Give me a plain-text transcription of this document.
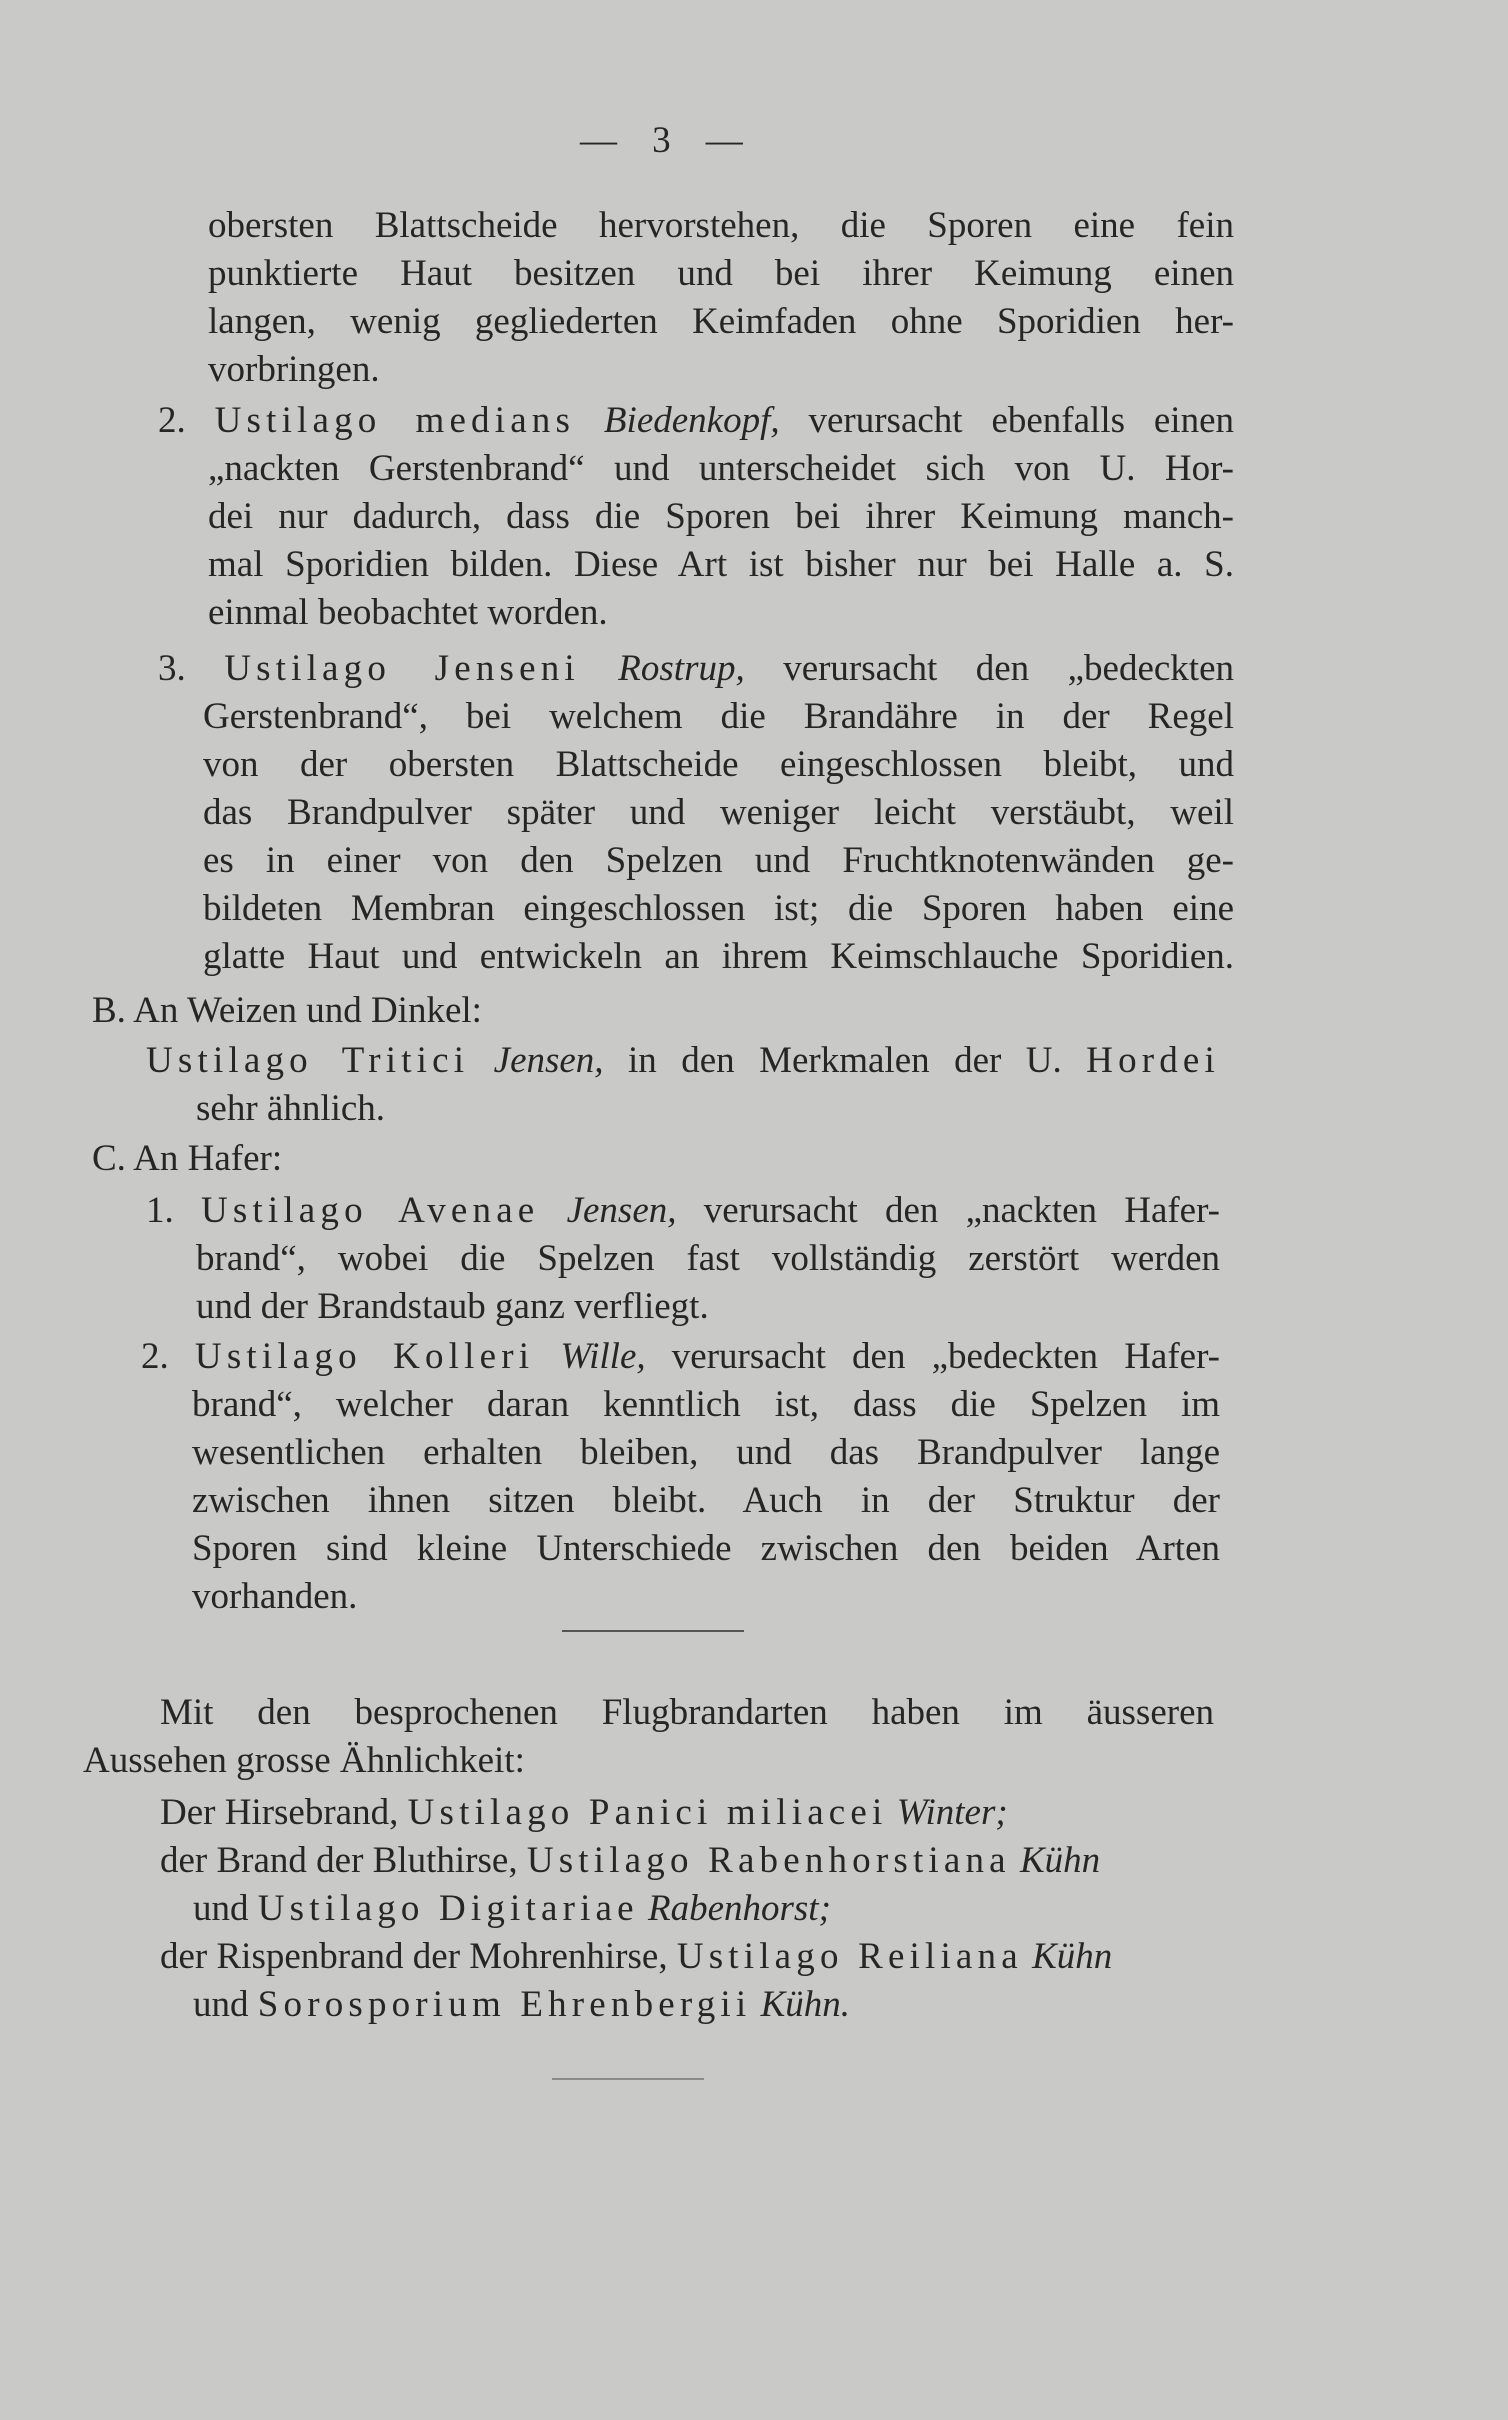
— 3 —
obersten Blattscheide hervorstehen, die Sporen eine fein
punktierte Haut besitzen und bei ihrer Keimung einen
langen, wenig gegliederten Keimfaden ohne Sporidien her-
vorbringen.
2. Ustilago medians Biedenkopf, verursacht ebenfalls einen
„nackten Gerstenbrand“ und unterscheidet sich von U. Hor-
dei nur dadurch, dass die Sporen bei ihrer Keimung manch-
mal Sporidien bilden. Diese Art ist bisher nur bei Halle a. S.
einmal beobachtet worden.
3. Ustilago Jenseni Rostrup, verursacht den „bedeckten
Gerstenbrand“, bei welchem die Brandähre in der Regel
von der obersten Blattscheide eingeschlossen bleibt, und
das Brandpulver später und weniger leicht verstäubt, weil
es in einer von den Spelzen und Fruchtknotenwänden ge-
bildeten Membran eingeschlossen ist; die Sporen haben eine
glatte Haut und entwickeln an ihrem Keimschlauche Sporidien.
B. An Weizen und Dinkel:
Ustilago Tritici Jensen, in den Merkmalen der U. Hordei
sehr ähnlich.
C. An Hafer:
1. Ustilago Avenae Jensen, verursacht den „nackten Hafer-
brand“, wobei die Spelzen fast vollständig zerstört werden
und der Brandstaub ganz verfliegt.
2. Ustilago Kolleri Wille, verursacht den „bedeckten Hafer-
brand“, welcher daran kenntlich ist, dass die Spelzen im
wesentlichen erhalten bleiben, und das Brandpulver lange
zwischen ihnen sitzen bleibt. Auch in der Struktur der
Sporen sind kleine Unterschiede zwischen den beiden Arten
vorhanden.
Mit den besprochenen Flugbrandarten haben im äusseren
Aussehen grosse Ähnlichkeit:
Der Hirsebrand, Ustilago Panici miliacei Winter;
der Brand der Bluthirse, Ustilago Rabenhorstiana Kühn
und Ustilago Digitariae Rabenhorst;
der Rispenbrand der Mohrenhirse, Ustilago Reiliana Kühn
und Sorosporium Ehrenbergii Kühn.
